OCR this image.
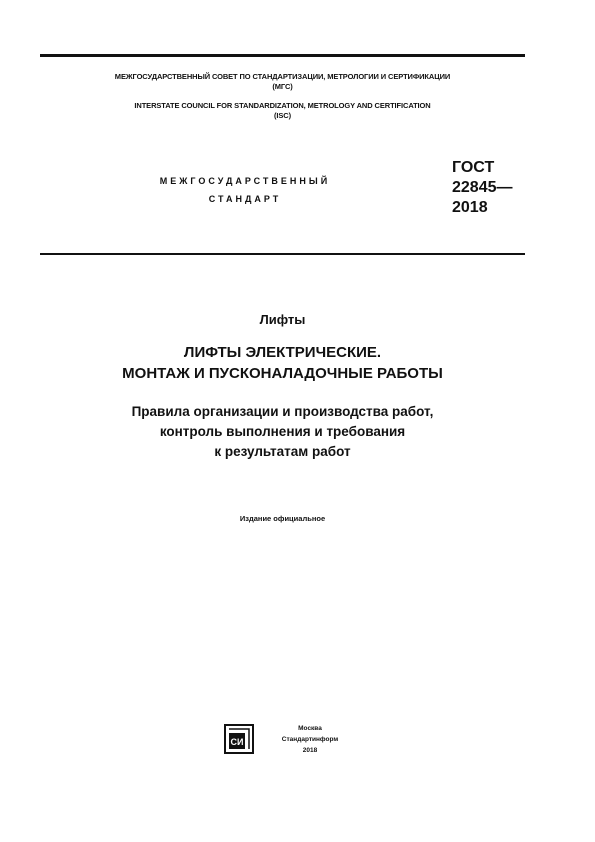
МЕЖГОСУДАРСТВЕННЫЙ СОВЕТ ПО СТАНДАРТИЗАЦИИ, МЕТРОЛОГИИ И СЕРТИФИКАЦИИ
(МГС)
INTERSTATE COUNCIL FOR STANDARDIZATION, METROLOGY AND CERTIFICATION
(ISC)
МЕЖГОСУДАРСТВЕННЫЙ
СТАНДАРТ
ГОСТ
22845—
2018
Лифты
ЛИФТЫ ЭЛЕКТРИЧЕСКИЕ.
МОНТАЖ И ПУСКОНАЛАДОЧНЫЕ РАБОТЫ
Правила организации и производства работ,
контроль выполнения и требования
к результатам работ
Издание официальное
СИ
Москва
Стандартинформ
2018
